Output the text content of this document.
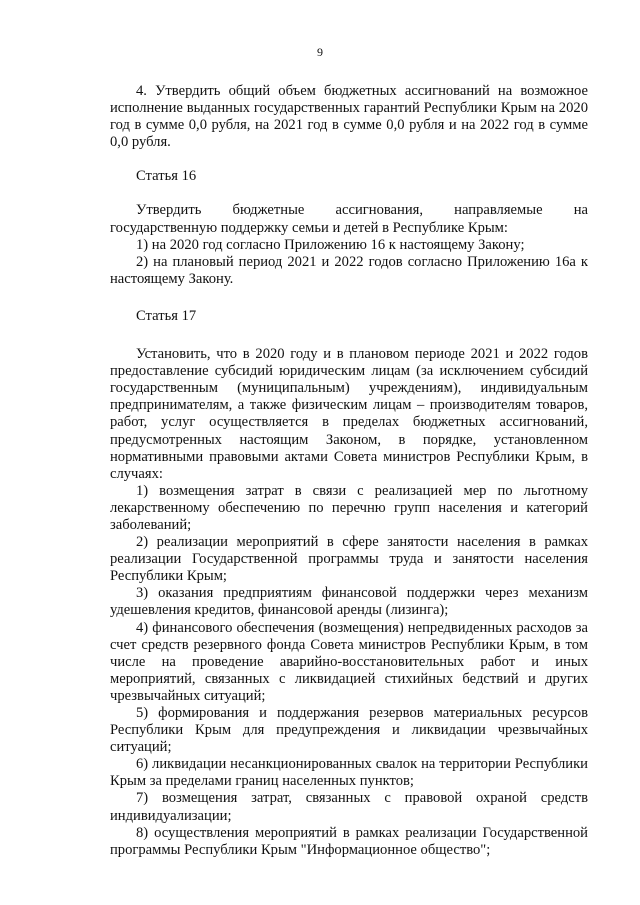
9

4. Утвердить общий объем бюджетных ассигнований на возможное исполнение выданных государственных гарантий Республики Крым на 2020 год в сумме 0,0 рубля, на 2021 год в сумме 0,0 рубля и на 2022 год в сумме 0,0 рубля.

Статья 16

Утвердить бюджетные ассигнования, направляемые на государственную поддержку семьи и детей в Республике Крым:

1) на 2020 год согласно Приложению 16 к настоящему Закону;

2) на плановый период 2021 и 2022 годов согласно Приложению 16а к настоящему Закону.

Статья 17

Установить, что в 2020 году и в плановом периоде 2021 и 2022 годов предоставление субсидий юридическим лицам (за исключением субсидий государственным (муниципальным) учреждениям), индивидуальным предпринимателям, а также физическим лицам – производителям товаров, работ, услуг осуществляется в пределах бюджетных ассигнований, предусмотренных настоящим Законом, в порядке, установленном нормативными правовыми актами Совета министров Республики Крым, в случаях:

1) возмещения затрат в связи с реализацией мер по льготному лекарственному обеспечению по перечню групп населения и категорий заболеваний;

2) реализации мероприятий в сфере занятости населения в рамках реализации Государственной программы труда и занятости населения Республики Крым;

3) оказания предприятиям финансовой поддержки через механизм удешевления кредитов, финансовой аренды (лизинга);

4) финансового обеспечения (возмещения) непредвиденных расходов за счет средств резервного фонда Совета министров Республики Крым, в том числе на проведение аварийно-восстановительных работ и иных мероприятий, связанных с ликвидацией стихийных бедствий и других чрезвычайных ситуаций;

5) формирования и поддержания резервов материальных ресурсов Республики Крым для предупреждения и ликвидации чрезвычайных ситуаций;

6) ликвидации несанкционированных свалок на территории Республики Крым за пределами границ населенных пунктов;

7) возмещения затрат, связанных с правовой охраной средств индивидуализации;

8) осуществления мероприятий в рамках реализации Государственной программы Республики Крым "Информационное общество";
